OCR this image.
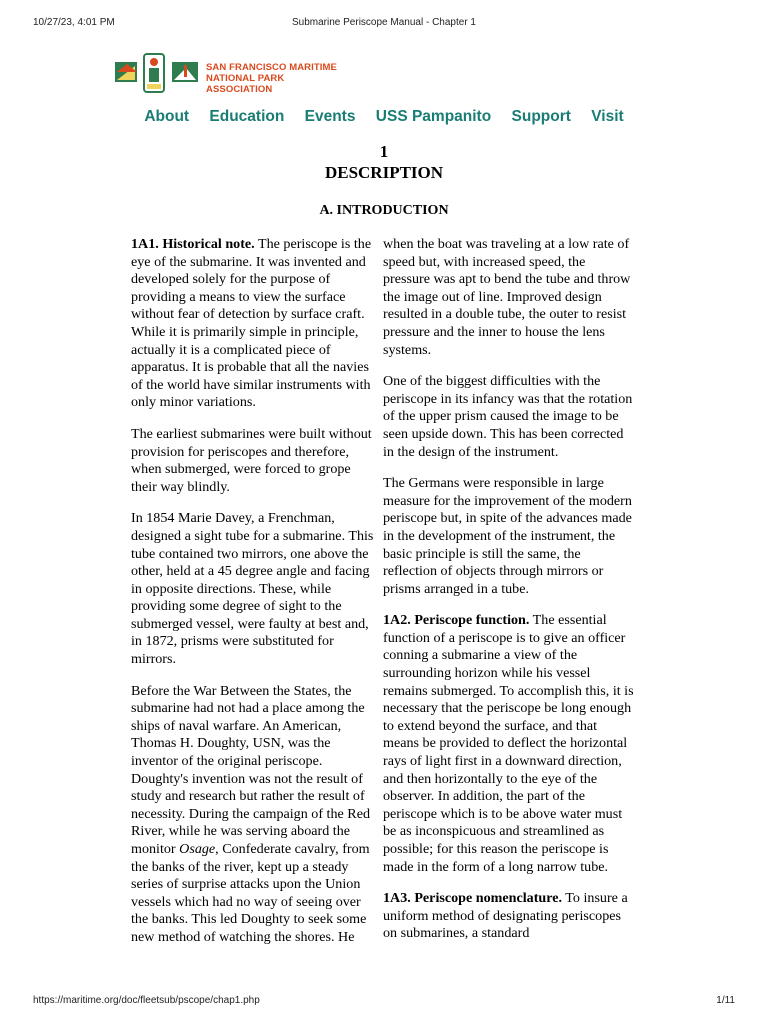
10/27/23, 4:01 PM	Submarine Periscope Manual - Chapter 1
SAN FRANCISCO MARITIME
NATIONAL PARK ASSOCIATION
About Education Events USS Pampanito Support Visit
1
DESCRIPTION
A. INTRODUCTION

1A1. Historical note. The periscope is the eye of the submarine. It was invented and developed solely for the purpose of providing a means to view the surface without fear of detection by surface craft. While it is primarily simple in principle, actually it is a complicated piece of apparatus. It is probable that all the navies of the world have similar instruments with only minor variations.

The earliest submarines were built without provision for periscopes and therefore, when submerged, were forced to grope their way blindly.

In 1854 Marie Davey, a Frenchman, designed a sight tube for a submarine. This tube contained two mirrors, one above the other, held at a 45 degree angle and facing in opposite directions. These, while providing some degree of sight to the submerged vessel, were faulty at best and, in 1872, prisms were substituted for mirrors.

Before the War Between the States, the submarine had not had a place among the ships of naval warfare. An American, Thomas H. Doughty, USN, was the inventor of the original periscope. Doughty's invention was not the result of study and research but rather the result of necessity. During the campaign of the Red River, while he was serving aboard the monitor Osage, Confederate cavalry, from the banks of the river, kept up a steady series of surprise attacks upon the Union vessels which had no way of seeing over the banks. This led Doughty to seek some new method of watching the shores. He

when the boat was traveling at a low rate of speed but, with increased speed, the pressure was apt to bend the tube and throw the image out of line. Improved design resulted in a double tube, the outer to resist pressure and the inner to house the lens systems.

One of the biggest difficulties with the periscope in its infancy was that the rotation of the upper prism caused the image to be seen upside down. This has been corrected in the design of the instrument.

The Germans were responsible in large measure for the improvement of the modern periscope but, in spite of the advances made in the development of the instrument, the basic principle is still the same, the reflection of objects through mirrors or prisms arranged in a tube.

1A2. Periscope function. The essential function of a periscope is to give an officer conning a submarine a view of the surrounding horizon while his vessel remains submerged. To accomplish this, it is necessary that the periscope be long enough to extend beyond the surface, and that means be provided to deflect the horizontal rays of light first in a downward direction, and then horizontally to the eye of the observer. In addition, the part of the periscope which is to be above water must be as inconspicuous and streamlined as possible; for this reason the periscope is made in the form of a long narrow tube.

1A3. Periscope nomenclature. To insure a uniform method of designating periscopes on submarines, a standard

https://maritime.org/doc/fleetsub/pscope/chap1.php	1/11
